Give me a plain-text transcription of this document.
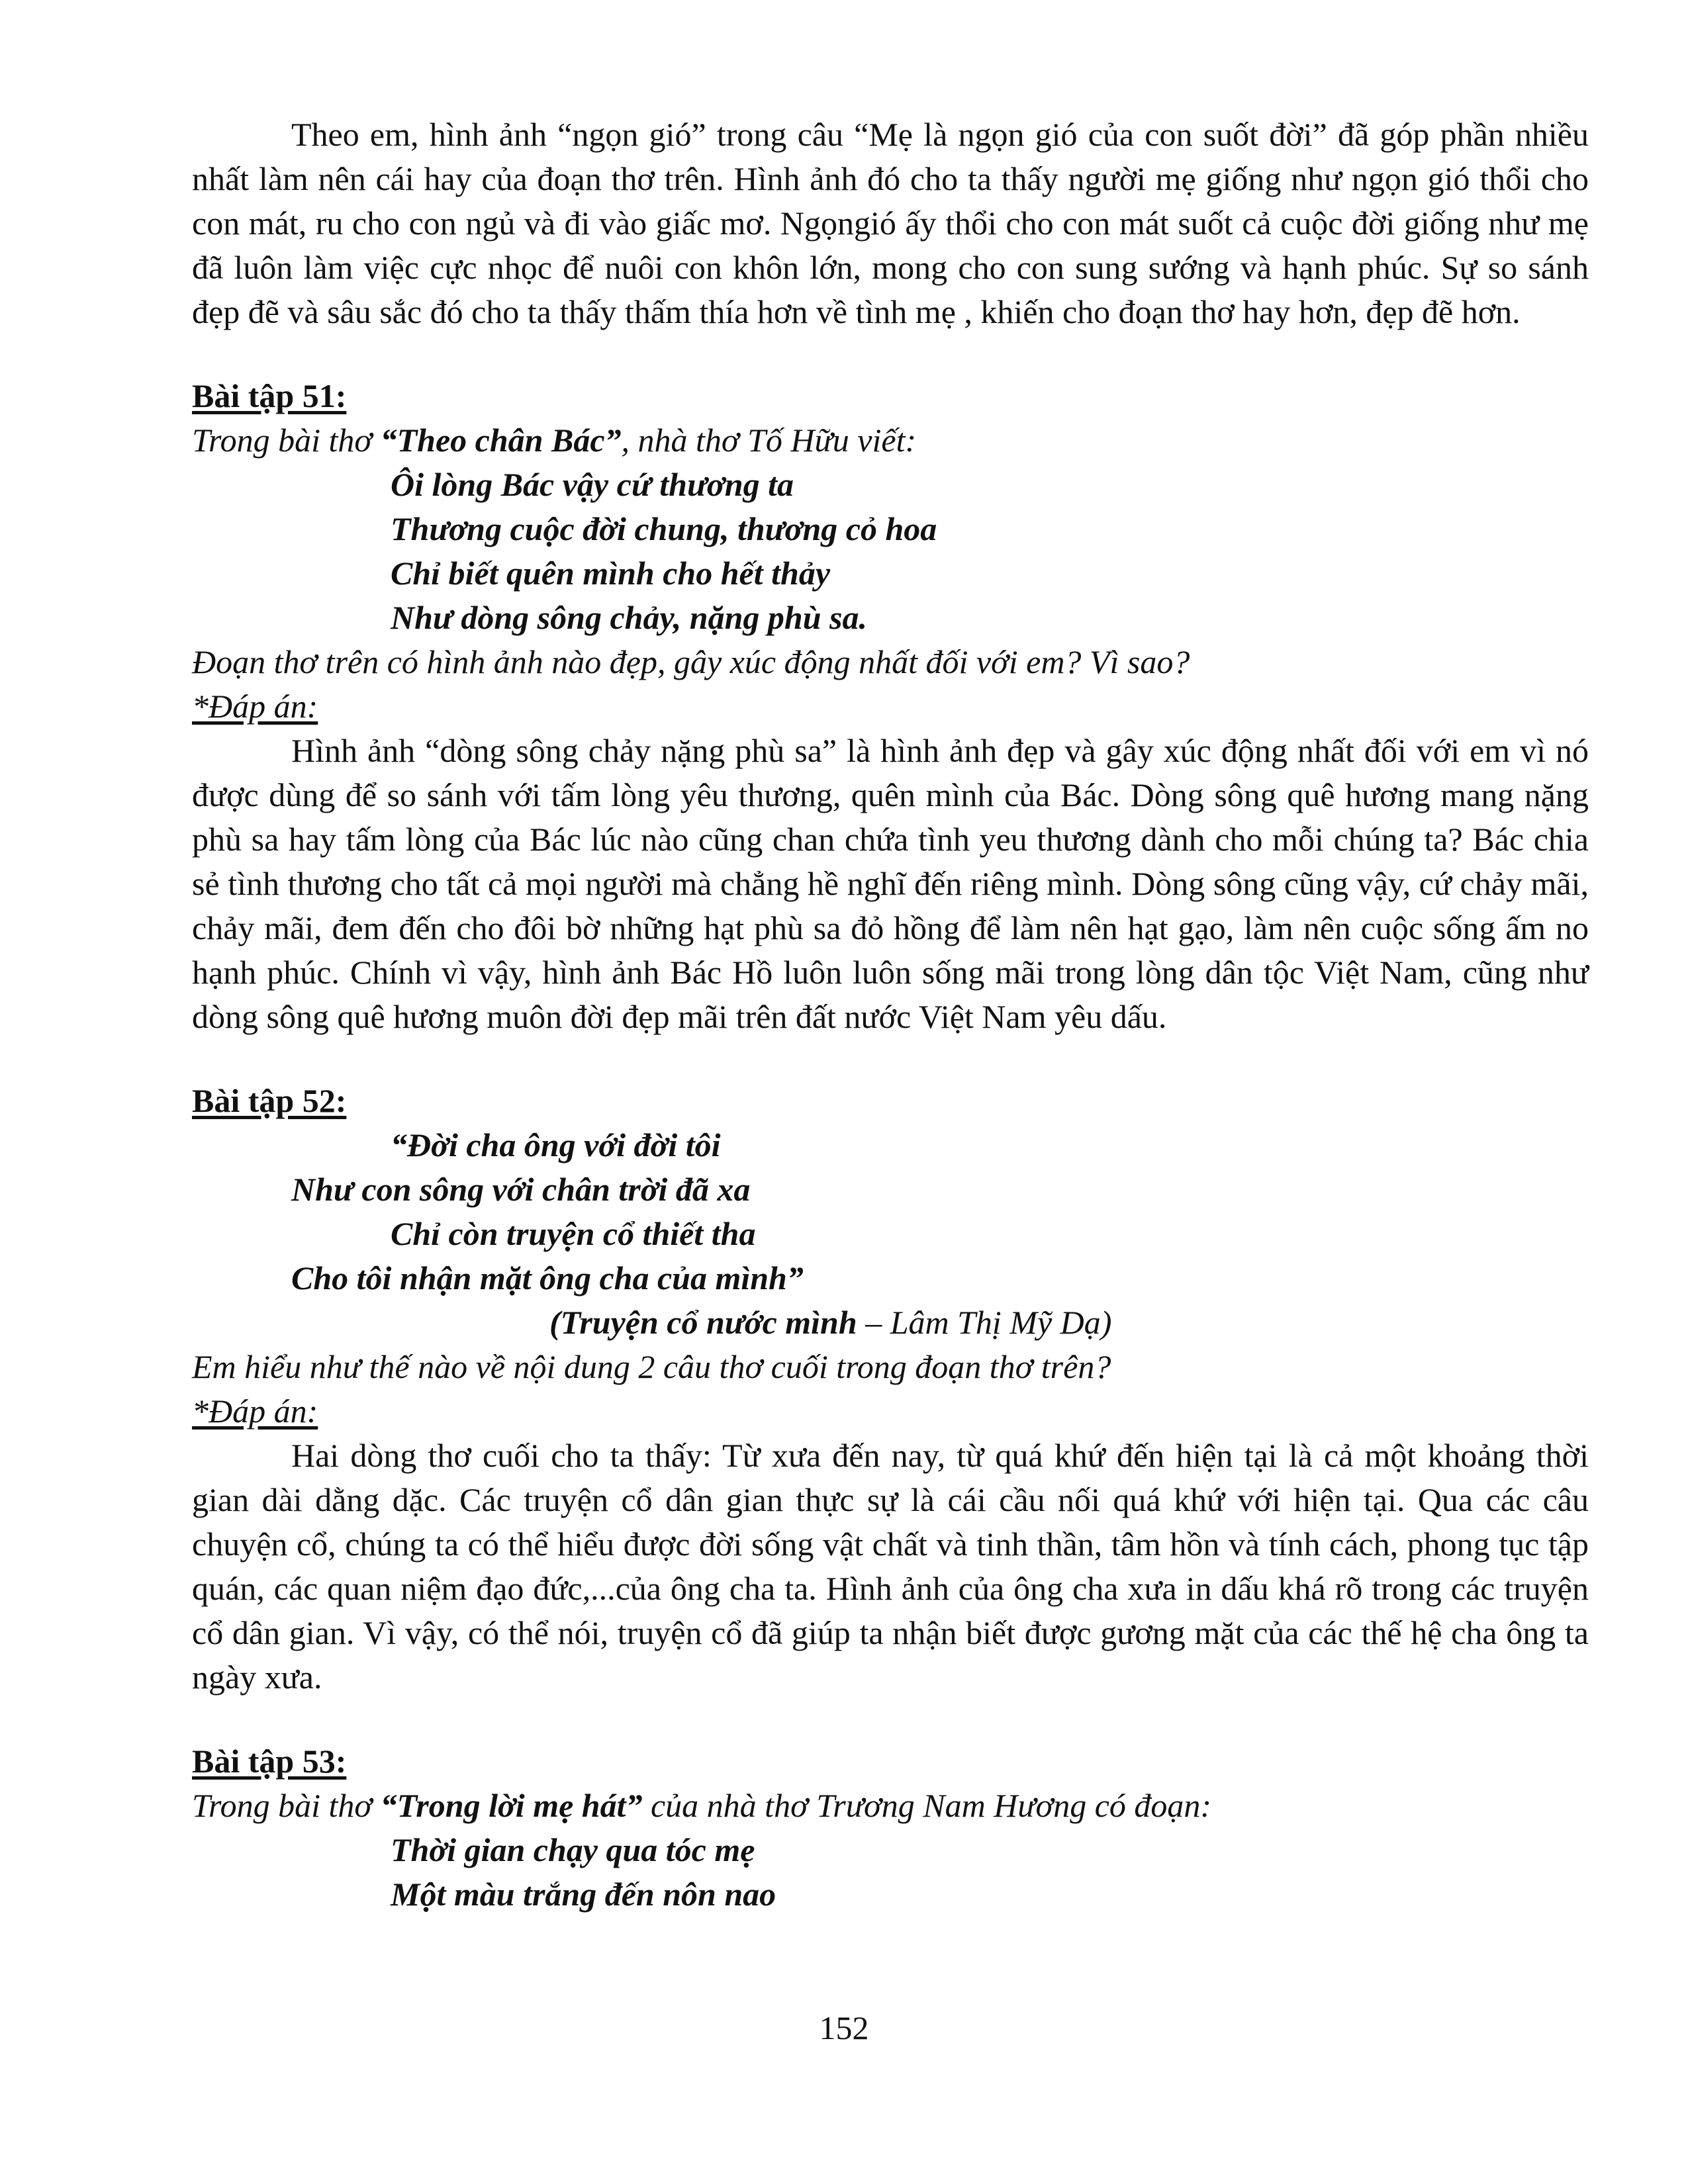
Theo em, hình ảnh “ngọn gió” trong câu “Mẹ là ngọn gió của con suốt đời” đã góp phần nhiều nhất làm nên cái hay của đoạn thơ trên. Hình ảnh đó cho ta thấy người mẹ giống như ngọn gió thổi cho con mát, ru cho con ngủ và đi vào giấc mơ. Ngọngió ấy thổi cho con mát suốt cả cuộc đời giống như mẹ đã luôn làm việc cực nhọc để nuôi con khôn lớn, mong cho con sung sướng và hạnh phúc. Sự so sánh đẹp đẽ và sâu sắc đó cho ta thấy thấm thía hơn về tình mẹ , khiến cho đoạn thơ hay hơn, đẹp đẽ hơn.

Bài tập 51:

Trong bài thơ “Theo chân Bác”, nhà thơ Tố Hữu viết:

Ôi lòng Bác vậy cứ thương ta

Thương cuộc đời chung, thương cỏ hoa

Chỉ biết quên mình cho hết thảy

Như dòng sông chảy, nặng phù sa.

Đoạn thơ trên có hình ảnh nào đẹp, gây xúc động nhất đối với em? Vì sao?

*Đáp án:

Hình ảnh “dòng sông chảy nặng phù sa” là hình ảnh đẹp và gây xúc động nhất đối với em vì nó được dùng để so sánh với tấm lòng yêu thương, quên mình của Bác. Dòng sông quê hương mang nặng phù sa hay tấm lòng của Bác lúc nào cũng chan chứa tình yeu thương dành cho mỗi chúng ta? Bác chia sẻ tình thương cho tất cả mọi người mà chẳng hề nghĩ đến riêng mình. Dòng sông cũng vậy, cứ chảy mãi, chảy mãi, đem đến cho đôi bờ những hạt phù sa đỏ hồng để làm nên hạt gạo, làm nên cuộc sống ấm no hạnh phúc. Chính vì vậy, hình ảnh Bác Hồ luôn luôn sống mãi trong lòng dân tộc Việt Nam, cũng như dòng sông quê hương muôn đời đẹp mãi trên đất nước Việt Nam yêu dấu.

Bài tập 52:

“Đời cha ông với đời tôi

Như con sông với chân trời đã xa

Chỉ còn truyện cổ thiết tha

Cho tôi nhận mặt ông cha của mình”

(Truyện cổ nước mình – Lâm Thị Mỹ Dạ)

Em hiểu như thế nào về nội dung 2 câu thơ cuối trong đoạn thơ trên?

*Đáp án:

Hai dòng thơ cuối cho ta thấy: Từ xưa đến nay, từ quá khứ đến hiện tại là cả một khoảng thời gian dài dằng dặc. Các truyện cổ dân gian thực sự là cái cầu nối quá khứ với hiện tại. Qua các câu chuyện cổ, chúng ta có thể hiểu được đời sống vật chất và tinh thần, tâm hồn và tính cách, phong tục tập quán, các quan niệm đạo đức,...của ông cha ta. Hình ảnh của ông cha xưa in dấu khá rõ trong các truyện cổ dân gian. Vì vậy, có thể nói, truyện cổ đã giúp ta nhận biết được gương mặt của các thế hệ cha ông ta ngày xưa.

Bài tập 53:

Trong bài thơ “Trong lời mẹ hát” của nhà thơ Trương Nam Hương có đoạn:

Thời gian chạy qua tóc mẹ

Một màu trắng đến nôn nao

152
